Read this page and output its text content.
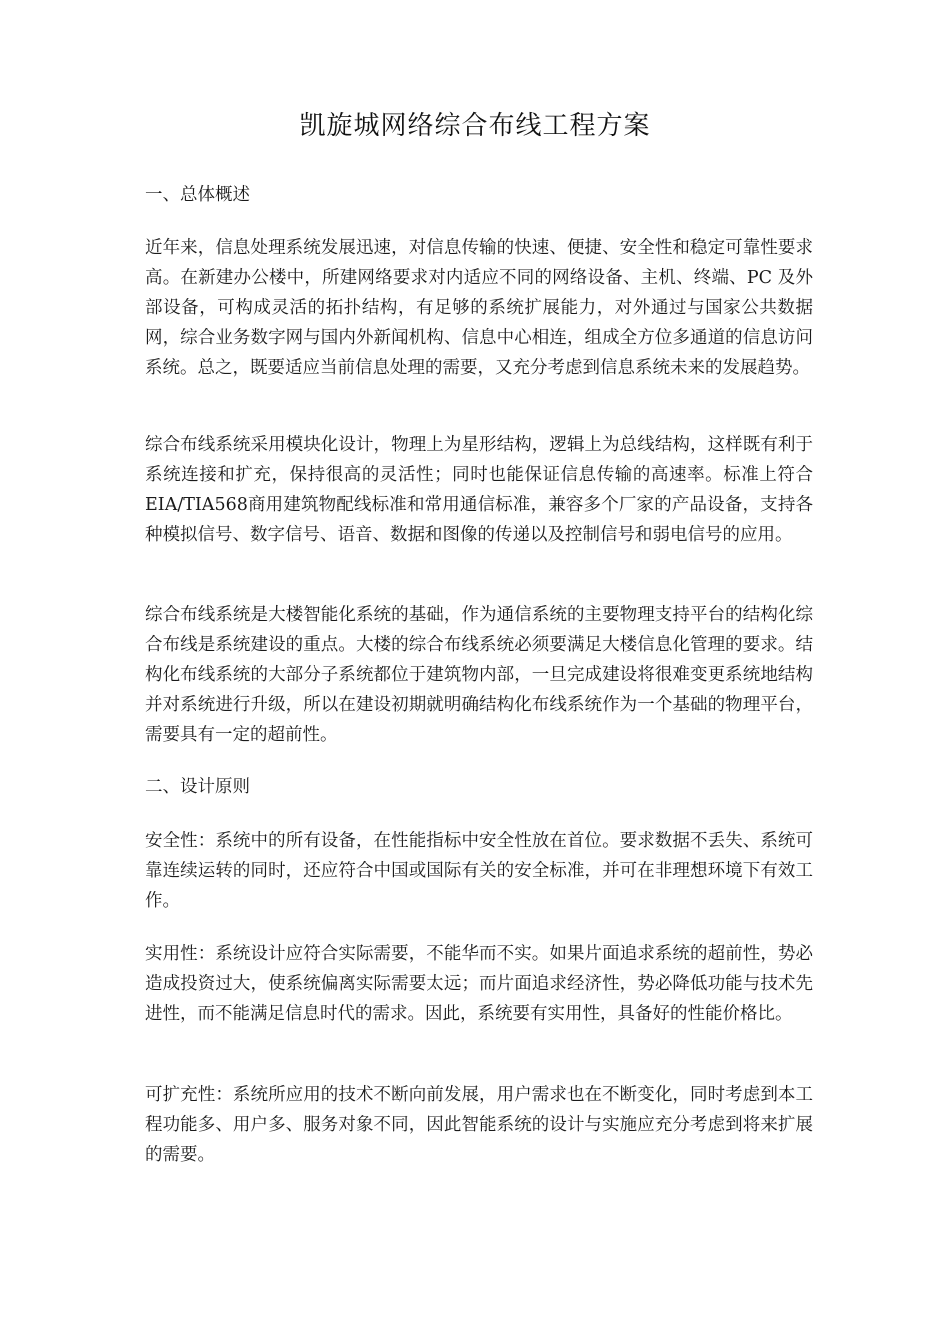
凯旋城网络综合布线工程方案
一、总体概述
近年来，信息处理系统发展迅速，对信息传输的快速、便捷、安全性和稳定可靠性要求高。在新建办公楼中，所建网络要求对内适应不同的网络设备、主机、终端、PC 及外部设备，可构成灵活的拓扑结构，有足够的系统扩展能力，对外通过与国家公共数据网，综合业务数字网与国内外新闻机构、信息中心相连，组成全方位多通道的信息访问系统。总之，既要适应当前信息处理的需要，又充分考虑到信息系统未来的发展趋势。
综合布线系统采用模块化设计，物理上为星形结构，逻辑上为总线结构，这样既有利于系统连接和扩充，保持很高的灵活性；同时也能保证信息传输的高速率。标准上符合EIA/TIA568商用建筑物配线标准和常用通信标准，兼容多个厂家的产品设备，支持各种模拟信号、数字信号、语音、数据和图像的传递以及控制信号和弱电信号的应用。
综合布线系统是大楼智能化系统的基础，作为通信系统的主要物理支持平台的结构化综合布线是系统建设的重点。大楼的综合布线系统必须要满足大楼信息化管理的要求。结构化布线系统的大部分子系统都位于建筑物内部，一旦完成建设将很难变更系统地结构并对系统进行升级，所以在建设初期就明确结构化布线系统作为一个基础的物理平台，需要具有一定的超前性。
二、设计原则
安全性：系统中的所有设备，在性能指标中安全性放在首位。要求数据不丢失、系统可靠连续运转的同时，还应符合中国或国际有关的安全标准，并可在非理想环境下有效工作。
实用性：系统设计应符合实际需要，不能华而不实。如果片面追求系统的超前性，势必造成投资过大，使系统偏离实际需要太远；而片面追求经济性，势必降低功能与技术先进性，而不能满足信息时代的需求。因此，系统要有实用性，具备好的性能价格比。
可扩充性：系统所应用的技术不断向前发展，用户需求也在不断变化，同时考虑到本工程功能多、用户多、服务对象不同，因此智能系统的设计与实施应充分考虑到将来扩展的需要。
